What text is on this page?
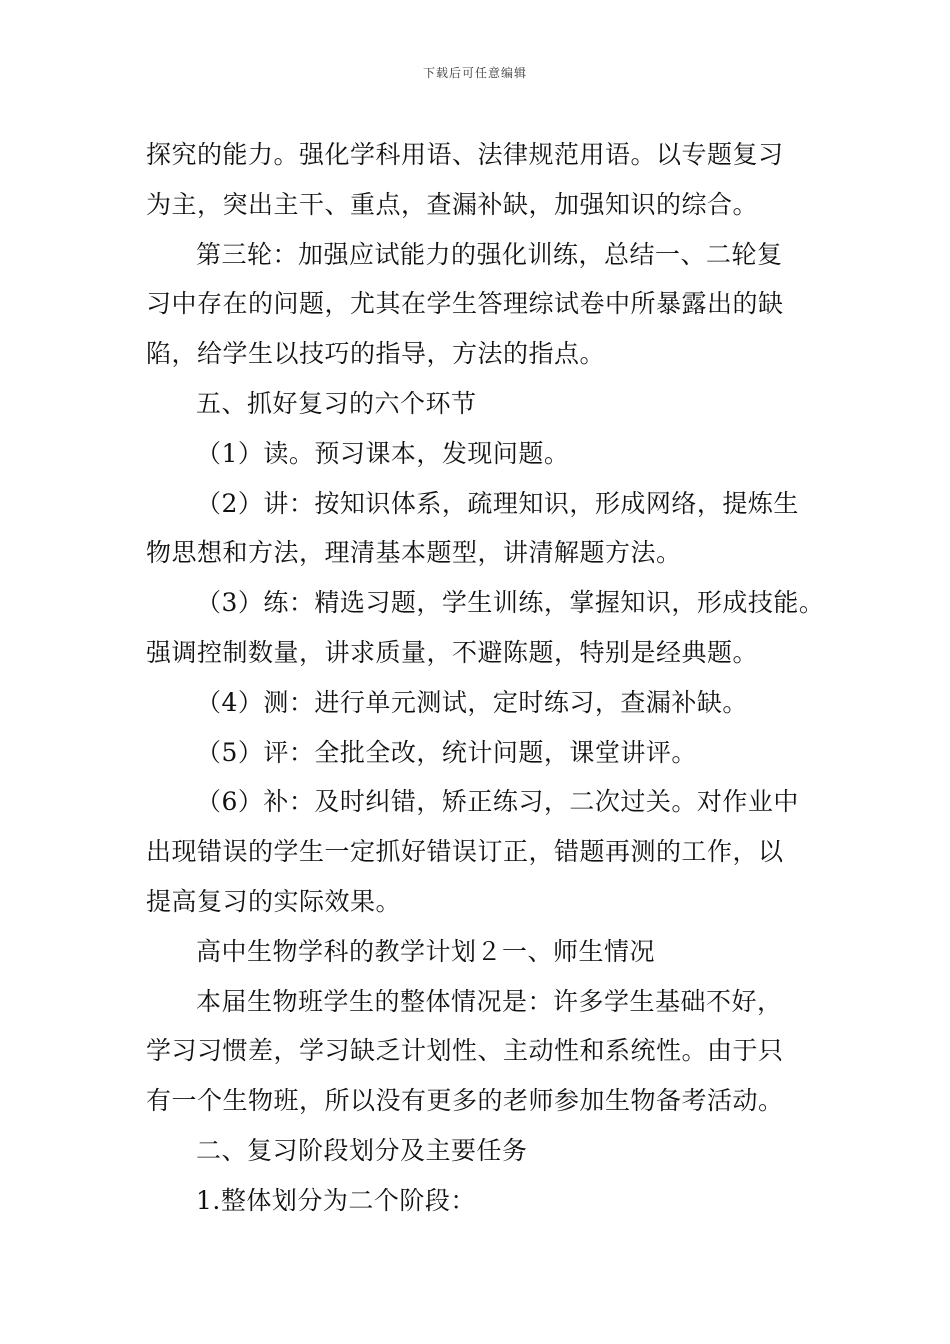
下载后可任意编辑
探究的能力。强化学科用语、法律规范用语。以专题复习
为主，突出主干、重点，查漏补缺，加强知识的综合。
第三轮：加强应试能力的强化训练，总结一、二轮复
习中存在的问题，尤其在学生答理综试卷中所暴露出的缺
陷，给学生以技巧的指导，方法的指点。
五、抓好复习的六个环节
（1）读。预习课本，发现问题。
（2）讲：按知识体系，疏理知识，形成网络，提炼生
物思想和方法，理清基本题型，讲清解题方法。
（3）练：精选习题，学生训练，掌握知识，形成技能。
强调控制数量，讲求质量，不避陈题，特别是经典题。
（4）测：进行单元测试，定时练习，查漏补缺。
（5）评：全批全改，统计问题，课堂讲评。
（6）补：及时纠错，矫正练习，二次过关。对作业中
出现错误的学生一定抓好错误订正，错题再测的工作，以
提高复习的实际效果。
高中生物学科的教学计划２一、师生情况
本届生物班学生的整体情况是：许多学生基础不好，
学习习惯差，学习缺乏计划性、主动性和系统性。由于只
有一个生物班，所以没有更多的老师参加生物备考活动。
二、复习阶段划分及主要任务
1.整体划分为二个阶段：
